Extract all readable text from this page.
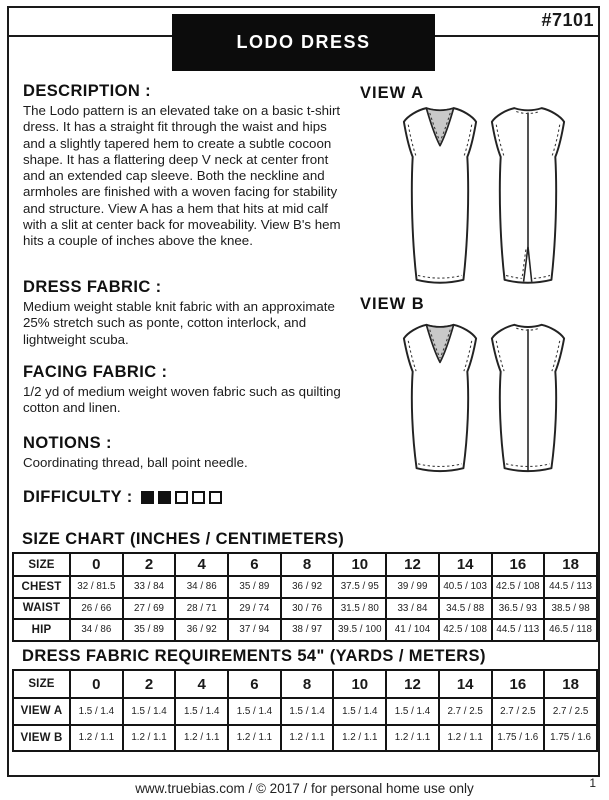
LODO DRESS
#7101
DESCRIPTION :
The Lodo pattern is an elevated take on a basic t-shirt dress. It has a straight fit through the waist and hips and a slightly tapered hem to create a subtle cocoon shape. It has a flattering deep V neck at center front and an extended cap sleeve. Both the neckline and armholes are finished with a woven facing for stability and structure. View A has a hem that hits at mid calf with a slit at center back for moveability. View B's hem hits a couple of inches above the knee.
DRESS FABRIC :
Medium weight stable knit fabric with an approximate 25% stretch such as ponte, cotton interlock, and lightweight scuba.
FACING FABRIC :
1/2 yd of medium weight woven fabric such as quilting cotton and linen.
NOTIONS :
Coordinating thread, ball point needle.
DIFFICULTY :
VIEW A
VIEW B
SIZE CHART (INCHES / CENTIMETERS)
SIZE	0	2	4	6	8	10	12	14	16	18
CHEST	32 / 81.5	33 / 84	34 / 86	35 / 89	36 / 92	37.5 / 95	39 / 99	40.5 / 103	42.5 / 108	44.5 / 113
WAIST	26 / 66	27 / 69	28 / 71	29 / 74	30 / 76	31.5 / 80	33 / 84	34.5 / 88	36.5 / 93	38.5 / 98
HIP	34 / 86	35 / 89	36 / 92	37 / 94	38 / 97	39.5 / 100	41 / 104	42.5 / 108	44.5 / 113	46.5 / 118
DRESS FABRIC REQUIREMENTS 54" (YARDS / METERS)
SIZE	0	2	4	6	8	10	12	14	16	18
VIEW A	1.5 / 1.4	1.5 / 1.4	1.5 / 1.4	1.5 / 1.4	1.5 / 1.4	1.5 / 1.4	1.5 / 1.4	2.7 / 2.5	2.7 / 2.5	2.7 / 2.5
VIEW B	1.2 / 1.1	1.2 / 1.1	1.2 / 1.1	1.2 / 1.1	1.2 / 1.1	1.2 / 1.1	1.2 / 1.1	1.2 / 1.1	1.75 / 1.6	1.75 / 1.6
www.truebias.com / © 2017 / for personal home use only	1
